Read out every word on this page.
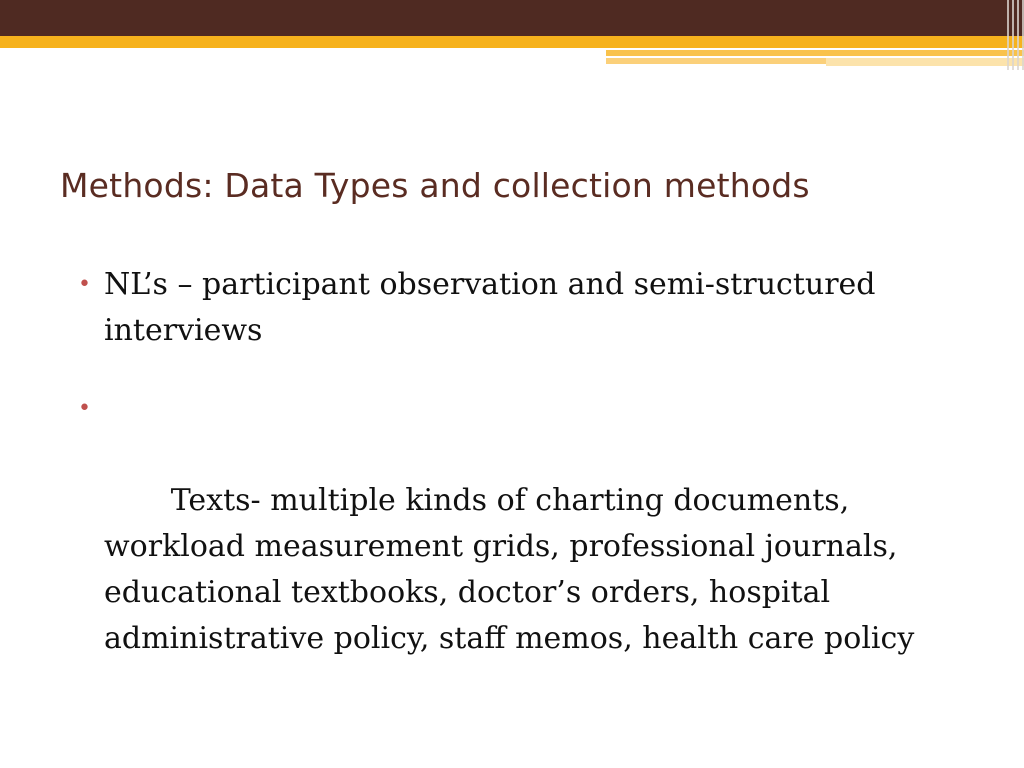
Methods: Data Types and collection methods
• NL’s – participant observation and semi-structured interviews

•

Texts- multiple kinds of charting documents, workload measurement grids, professional journals, educational textbooks, doctor’s orders, hospital administrative policy, staff memos, health care policy
